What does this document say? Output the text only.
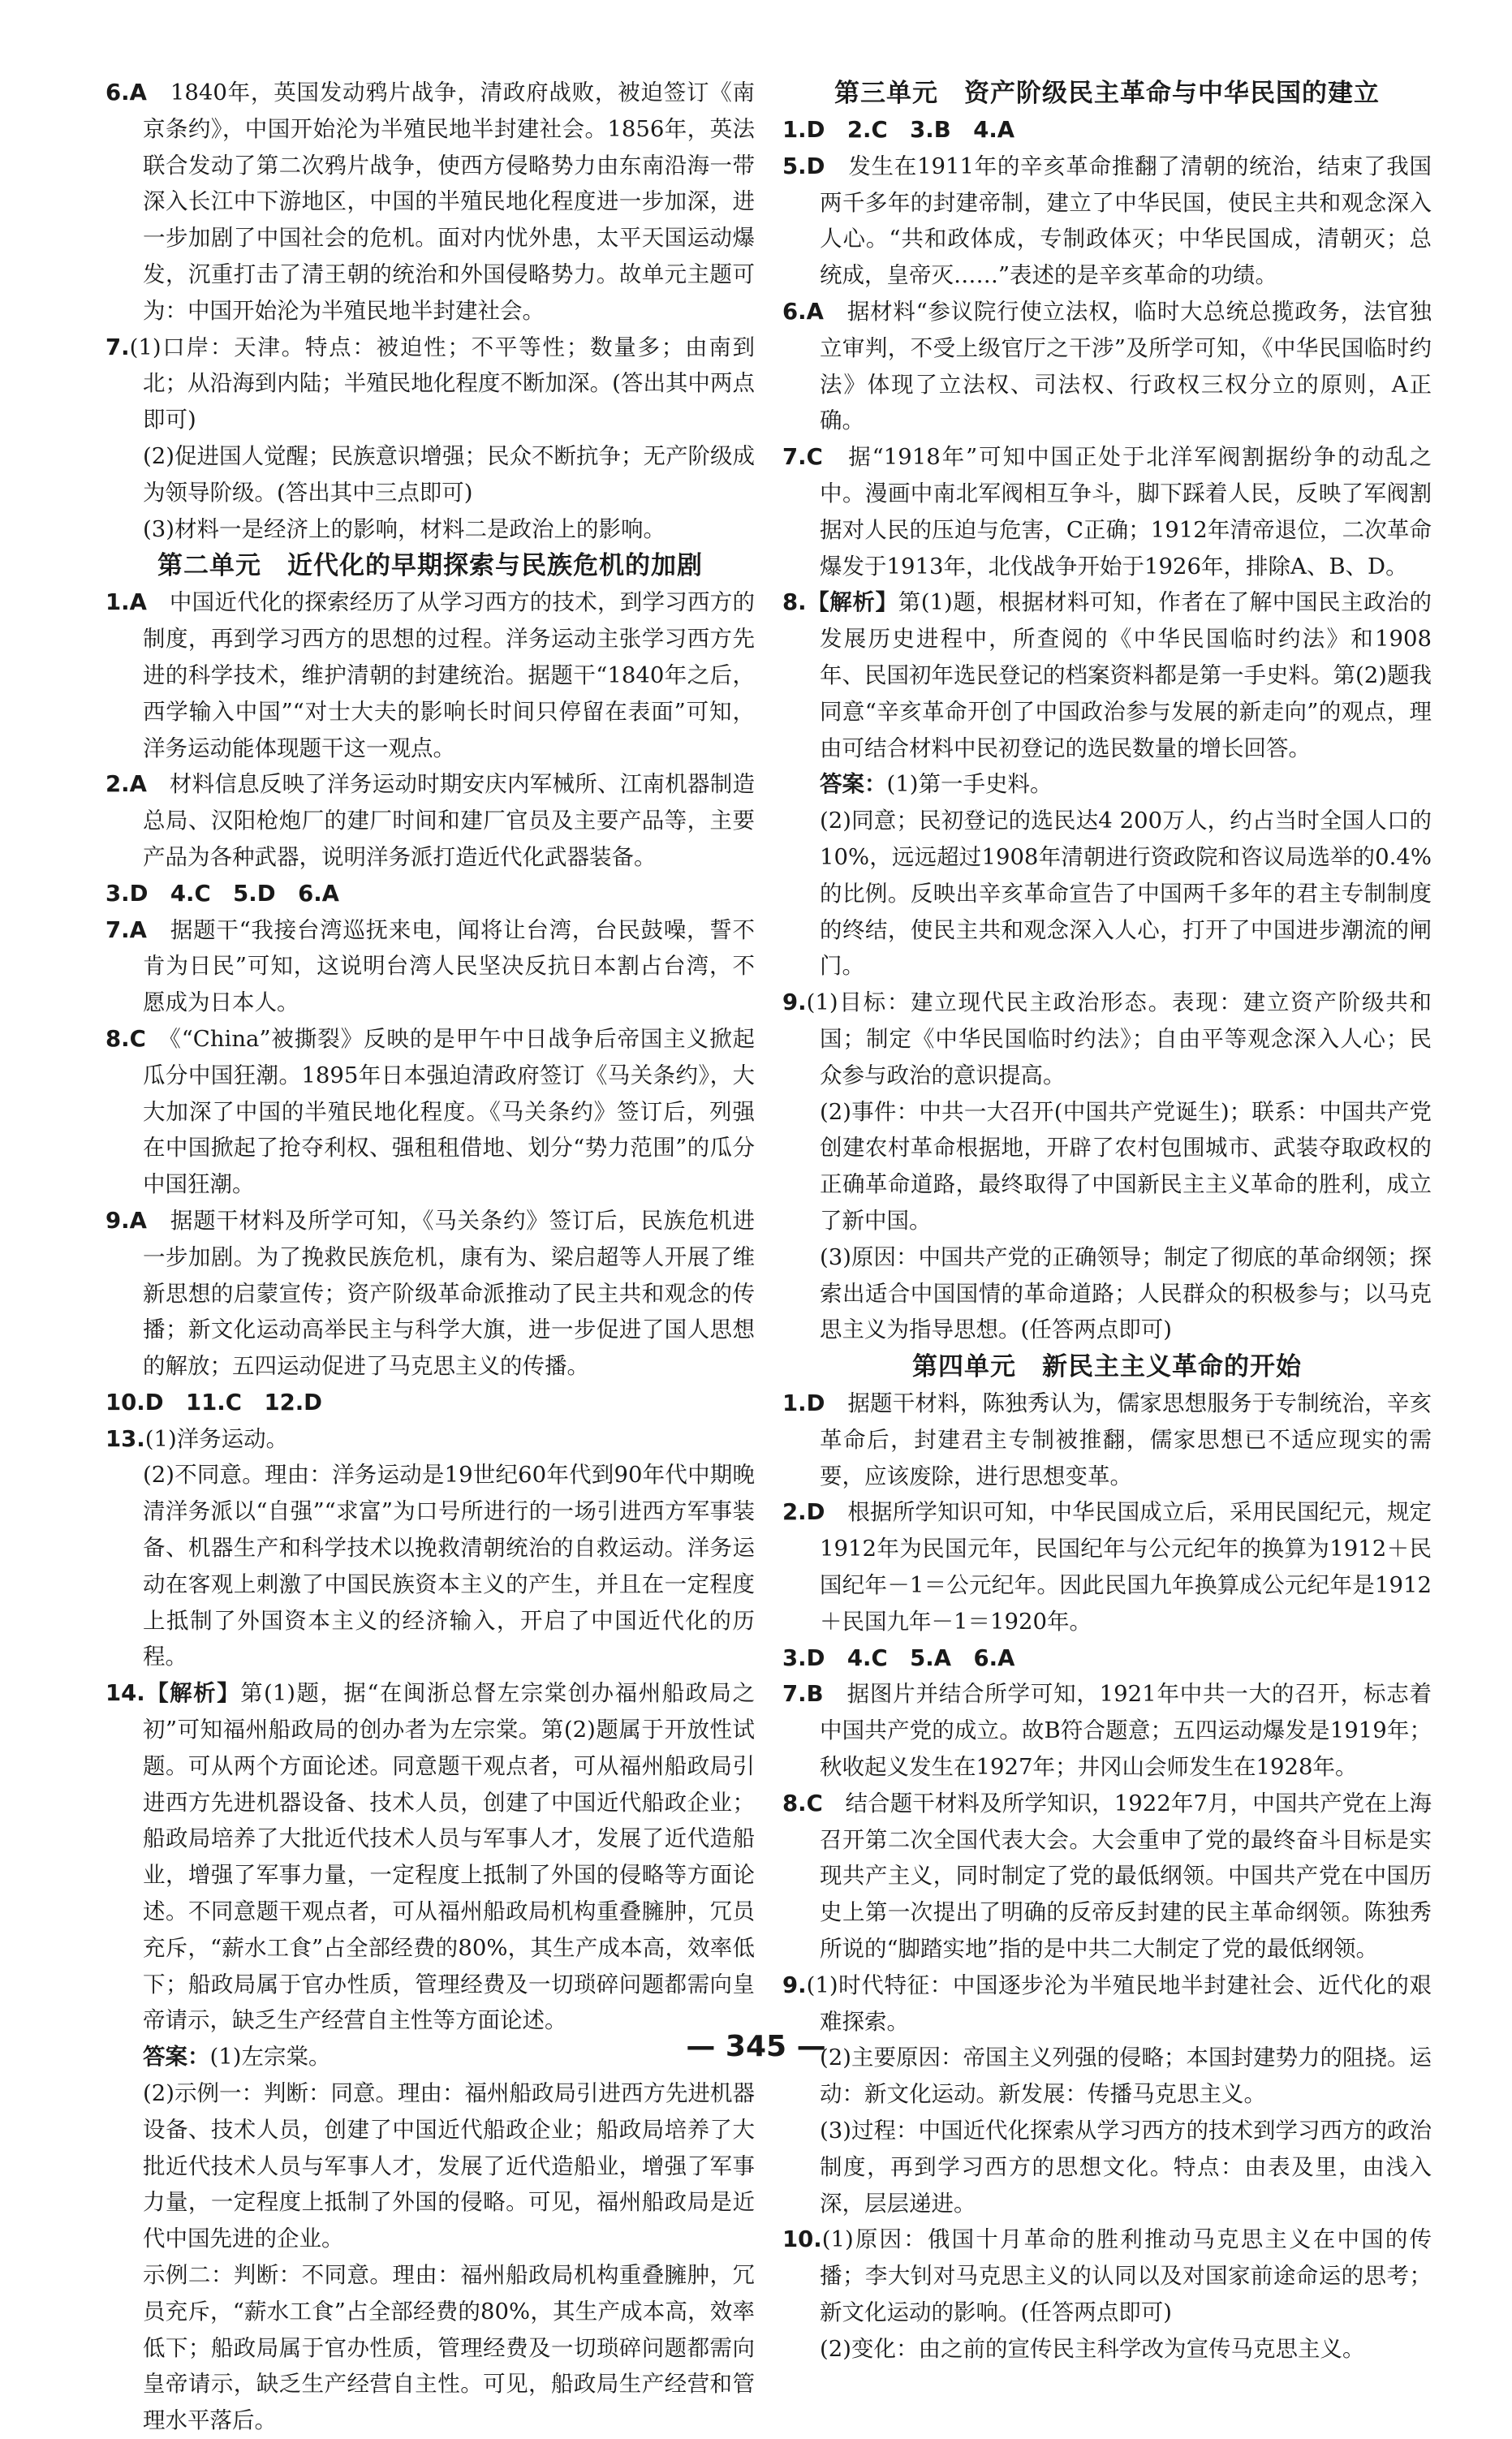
6.A　 1840年，英国发动鸦片战争，清政府战败，被迫签订《南京条约》，中国开始沦为半殖民地半封建社会。1856年，英法联合发动了第二次鸦片战争，使西方侵略势力由东南沿海一带深入长江中下游地区，中国的半殖民地化程度进一步加深，进一步加剧了中国社会的危机。面对内忧外患，太平天国运动爆发，沉重打击了清王朝的统治和外国侵略势力。故单元主题可为：中国开始沦为半殖民地半封建社会。

7.(1)口岸：天津。特点：被迫性；不平等性；数量多；由南到北；从沿海到内陆；半殖民地化程度不断加深。(答出其中两点即可)

(2)促进国人觉醒；民族意识增强；民众不断抗争；无产阶级成为领导阶级。(答出其中三点即可)

(3)材料一是经济上的影响，材料二是政治上的影响。

第二单元　近代化的早期探索与民族危机的加剧

1.A　 中国近代化的探索经历了从学习西方的技术，到学习西方的制度，再到学习西方的思想的过程。洋务运动主张学习西方先进的科学技术，维护清朝的封建统治。据题干“1840年之后，西学输入中国”“对士大夫的影响长时间只停留在表面”可知，洋务运动能体现题干这一观点。

2.A　 材料信息反映了洋务运动时期安庆内军械所、江南机器制造总局、汉阳枪炮厂的建厂时间和建厂官员及主要产品等，主要产品为各种武器，说明洋务派打造近代化武器装备。

3.D　4.C　5.D　6.A

7.A　 据题干“我接台湾巡抚来电，闻将让台湾，台民鼓噪，誓不肯为日民”可知，这说明台湾人民坚决反抗日本割占台湾，不愿成为日本人。

8.C　 《“China”被撕裂》反映的是甲午中日战争后帝国主义掀起瓜分中国狂潮。1895年日本强迫清政府签订《马关条约》，大大加深了中国的半殖民地化程度。《马关条约》签订后，列强在中国掀起了抢夺利权、强租租借地、划分“势力范围”的瓜分中国狂潮。

9.A　 据题干材料及所学可知，《马关条约》签订后，民族危机进一步加剧。为了挽救民族危机，康有为、梁启超等人开展了维新思想的启蒙宣传；资产阶级革命派推动了民主共和观念的传播；新文化运动高举民主与科学大旗，进一步促进了国人思想的解放；五四运动促进了马克思主义的传播。

10.D　11.C　12.D

13.(1)洋务运动。

(2)不同意。理由：洋务运动是19世纪60年代到90年代中期晚清洋务派以“自强”“求富”为口号所进行的一场引进西方军事装备、机器生产和科学技术以挽救清朝统治的自救运动。洋务运动在客观上刺激了中国民族资本主义的产生，并且在一定程度上抵制了外国资本主义的经济输入，开启了中国近代化的历程。

14.【解析】第(1)题，据“在闽浙总督左宗棠创办福州船政局之初”可知福州船政局的创办者为左宗棠。第(2)题属于开放性试题。可从两个方面论述。同意题干观点者，可从福州船政局引进西方先进机器设备、技术人员，创建了中国近代船政企业；船政局培养了大批近代技术人员与军事人才，发展了近代造船业，增强了军事力量，一定程度上抵制了外国的侵略等方面论述。不同意题干观点者，可从福州船政局机构重叠臃肿，冗员充斥，“薪水工食”占全部经费的80%，其生产成本高，效率低下；船政局属于官办性质，管理经费及一切琐碎问题都需向皇帝请示，缺乏生产经营自主性等方面论述。

答案：(1)左宗棠。

(2)示例一：判断：同意。理由：福州船政局引进西方先进机器设备、技术人员，创建了中国近代船政企业；船政局培养了大批近代技术人员与军事人才，发展了近代造船业，增强了军事力量，一定程度上抵制了外国的侵略。可见，福州船政局是近代中国先进的企业。

示例二：判断：不同意。理由：福州船政局机构重叠臃肿，冗员充斥，“薪水工食”占全部经费的80%，其生产成本高，效率低下；船政局属于官办性质，管理经费及一切琐碎问题都需向皇帝请示，缺乏生产经营自主性。可见，船政局生产经营和管理水平落后。

第三单元　资产阶级民主革命与中华民国的建立

1.D　2.C　3.B　4.A

5.D　 发生在1911年的辛亥革命推翻了清朝的统治，结束了我国两千多年的封建帝制，建立了中华民国，使民主共和观念深入人心。“共和政体成，专制政体灭；中华民国成，清朝灭；总统成，皇帝灭……”表述的是辛亥革命的功绩。

6.A　 据材料“参议院行使立法权，临时大总统总揽政务，法官独立审判，不受上级官厅之干涉”及所学可知，《中华民国临时约法》体现了立法权、司法权、行政权三权分立的原则，A正确。

7.C　 据“1918年”可知中国正处于北洋军阀割据纷争的动乱之中。漫画中南北军阀相互争斗，脚下踩着人民，反映了军阀割据对人民的压迫与危害，C正确；1912年清帝退位，二次革命爆发于1913年，北伐战争开始于1926年，排除A、B、D。

8.【解析】第(1)题，根据材料可知，作者在了解中国民主政治的发展历史进程中，所查阅的《中华民国临时约法》和1908年、民国初年选民登记的档案资料都是第一手史料。第(2)题我同意“辛亥革命开创了中国政治参与发展的新走向”的观点，理由可结合材料中民初登记的选民数量的增长回答。

答案：(1)第一手史料。

(2)同意；民初登记的选民达4 200万人，约占当时全国人口的10%，远远超过1908年清朝进行资政院和咨议局选举的0.4%的比例。反映出辛亥革命宣告了中国两千多年的君主专制制度的终结，使民主共和观念深入人心，打开了中国进步潮流的闸门。

9.(1)目标：建立现代民主政治形态。表现：建立资产阶级共和国；制定《中华民国临时约法》；自由平等观念深入人心；民众参与政治的意识提高。

(2)事件：中共一大召开(中国共产党诞生)；联系：中国共产党创建农村革命根据地，开辟了农村包围城市、武装夺取政权的正确革命道路，最终取得了中国新民主主义革命的胜利，成立了新中国。

(3)原因：中国共产党的正确领导；制定了彻底的革命纲领；探索出适合中国国情的革命道路；人民群众的积极参与；以马克思主义为指导思想。(任答两点即可)

第四单元　新民主主义革命的开始

1.D　 据题干材料，陈独秀认为，儒家思想服务于专制统治，辛亥革命后，封建君主专制被推翻，儒家思想已不适应现实的需要，应该废除，进行思想变革。

2.D　 根据所学知识可知，中华民国成立后，采用民国纪元，规定1912年为民国元年，民国纪年与公元纪年的换算为1912＋民国纪年－1＝公元纪年。因此民国九年换算成公元纪年是1912＋民国九年－1＝1920年。

3.D　4.C　5.A　6.A

7.B　 据图片并结合所学可知，1921年中共一大的召开，标志着中国共产党的成立。故B符合题意；五四运动爆发是1919年；秋收起义发生在1927年；井冈山会师发生在1928年。

8.C　 结合题干材料及所学知识，1922年7月，中国共产党在上海召开第二次全国代表大会。大会重申了党的最终奋斗目标是实现共产主义，同时制定了党的最低纲领。中国共产党在中国历史上第一次提出了明确的反帝反封建的民主革命纲领。陈独秀所说的“脚踏实地”指的是中共二大制定了党的最低纲领。

9.(1)时代特征：中国逐步沦为半殖民地半封建社会、近代化的艰难探索。

(2)主要原因：帝国主义列强的侵略；本国封建势力的阻挠。运动：新文化运动。新发展：传播马克思主义。

(3)过程：中国近代化探索从学习西方的技术到学习西方的政治制度，再到学习西方的思想文化。特点：由表及里，由浅入深，层层递进。

10.(1)原因：俄国十月革命的胜利推动马克思主义在中国的传播；李大钊对马克思主义的认同以及对国家前途命运的思考；新文化运动的影响。(任答两点即可)

(2)变化：由之前的宣传民主科学改为宣传马克思主义。

— 345 —
